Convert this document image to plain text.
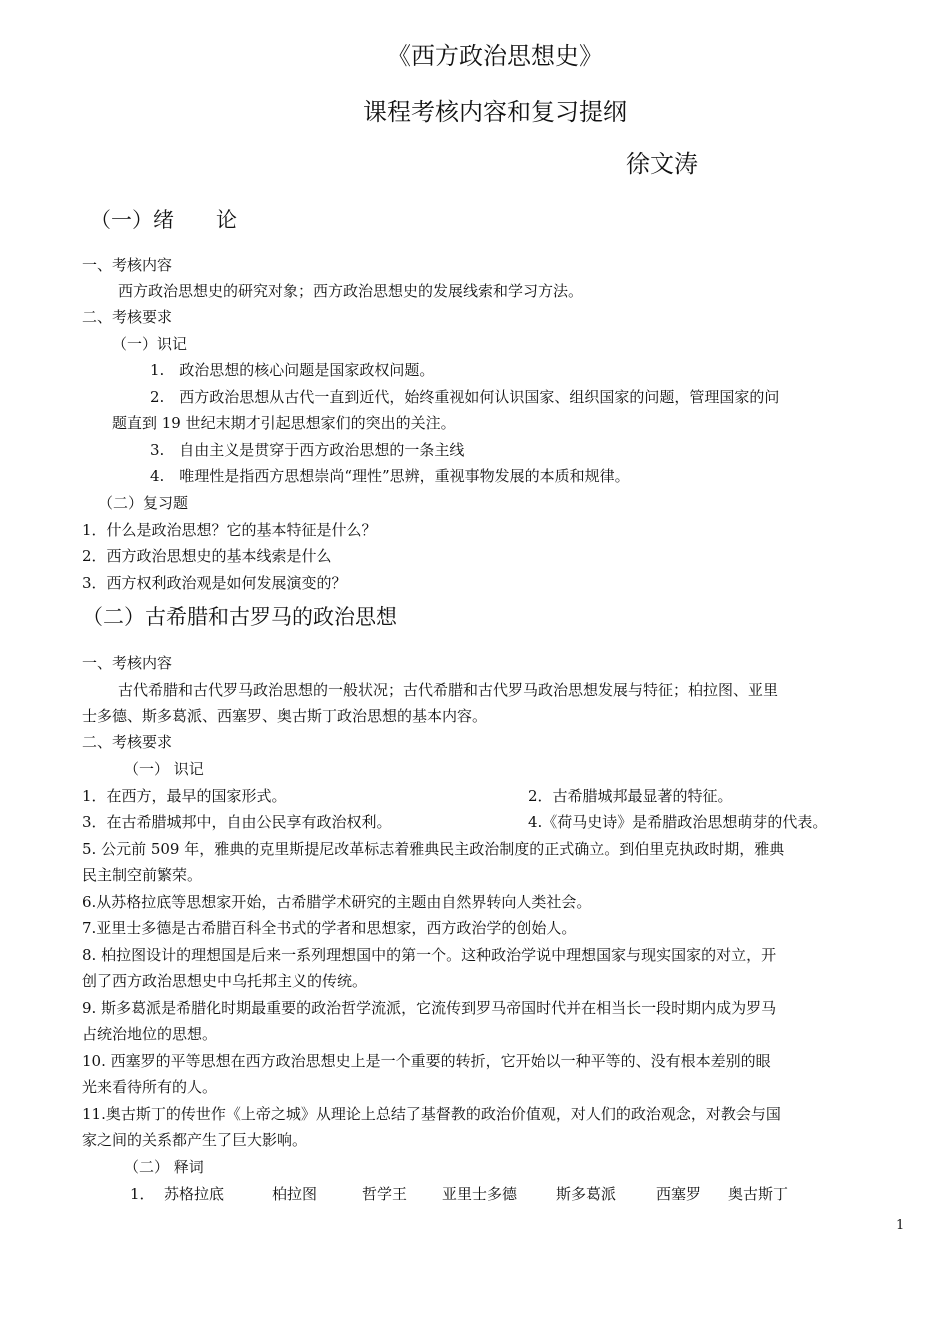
《西方政治思想史》
课程考核内容和复习提纲
徐文涛
（一）绪　　论
一、考核内容
西方政治思想史的研究对象；西方政治思想史的发展线索和学习方法。
二、考核要求
（一）识记
1.　政治思想的核心问题是国家政权问题。
2.　西方政治思想从古代一直到近代，始终重视如何认识国家、组织国家的问题，管理国家的问
题直到 19 世纪末期才引起思想家们的突出的关注。
3.　自由主义是贯穿于西方政治思想的一条主线
4.　唯理性是指西方思想崇尚“理性”思辨，重视事物发展的本质和规律。
（二）复习题
1．什么是政治思想？它的基本特征是什么？
2．西方政治思想史的基本线索是什么
3．西方权利政治观是如何发展演变的？
（二）古希腊和古罗马的政治思想
一、考核内容
古代希腊和古代罗马政治思想的一般状况；古代希腊和古代罗马政治思想发展与特征；柏拉图、亚里
士多德、斯多葛派、西塞罗、奥古斯丁政治思想的基本内容。
二、考核要求
（一） 识记
1．在西方，最早的国家形式。	2．古希腊城邦最显著的特征。
3．在古希腊城邦中，自由公民享有政治权利。	4.《荷马史诗》是希腊政治思想萌芽的代表。
5. 公元前 509 年，雅典的克里斯提尼改革标志着雅典民主政治制度的正式确立。到伯里克执政时期，雅典
民主制空前繁荣。
6.从苏格拉底等思想家开始，古希腊学术研究的主题由自然界转向人类社会。
7.亚里士多德是古希腊百科全书式的学者和思想家，西方政治学的创始人。
8. 柏拉图设计的理想国是后来一系列理想国中的第一个。这种政治学说中理想国家与现实国家的对立，开
创了西方政治思想史中乌托邦主义的传统。
9. 斯多葛派是希腊化时期最重要的政治哲学流派，它流传到罗马帝国时代并在相当长一段时期内成为罗马
占统治地位的思想。
10. 西塞罗的平等思想在西方政治思想史上是一个重要的转折，它开始以一种平等的、没有根本差别的眼
光来看待所有的人。
11.奥古斯丁的传世作《上帝之城》从理论上总结了基督教的政治价值观，对人们的政治观念，对教会与国
家之间的关系都产生了巨大影响。
（二） 释词
1． 苏格拉底	柏拉图	哲学王 亚里士多德	斯多葛派	西塞罗 奥古斯丁
1
